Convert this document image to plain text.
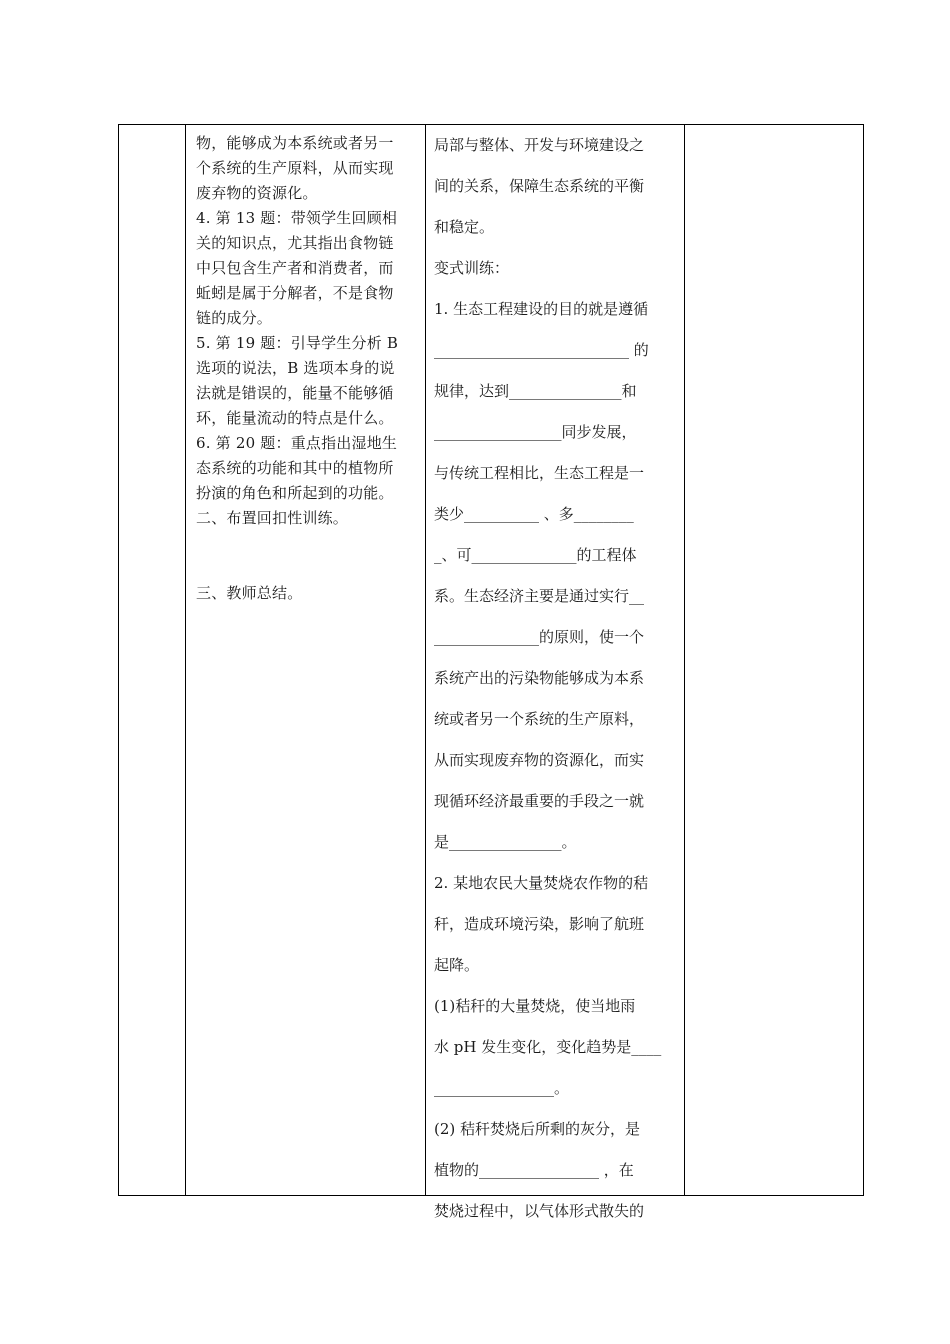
物，能够成为本系统或者另一

个系统的生产原料，从而实现

废弃物的资源化。

4. 第 13 题：带领学生回顾相

关的知识点，尤其指出食物链

中只包含生产者和消费者，而

蚯蚓是属于分解者，不是食物

链的成分。

5. 第 19 题：引导学生分析 B

选项的说法，B 选项本身的说

法就是错误的，能量不能够循

环，能量流动的特点是什么。

6. 第 20 题：重点指出湿地生

态系统的功能和其中的植物所

扮演的角色和所起到的功能。

二、布置回扣性训练。

三、教师总结。

局部与整体、开发与环境建设之

间的关系，保障生态系统的平衡

和稳定。

变式训练：

1. 生态工程建设的目的就是遵循

__________________________ 的

规律，达到_______________和

_________________同步发展，

与传统工程相比，生态工程是一

类少__________ 、多________

_、可______________的工程体

系。生态经济主要是通过实行__

______________的原则，使一个

系统产出的污染物能够成为本系

统或者另一个系统的生产原料，

从而实现废弃物的资源化，而实

现循环经济最重要的手段之一就

是_______________。

2. 某地农民大量焚烧农作物的秸

秆，造成环境污染，影响了航班

起降。

(1)秸秆的大量焚烧，使当地雨

水 pH 发生变化，变化趋势是____

________________。

(2) 秸秆焚烧后所剩的灰分，是

植物的________________ ，在

焚烧过程中，以气体形式散失的
